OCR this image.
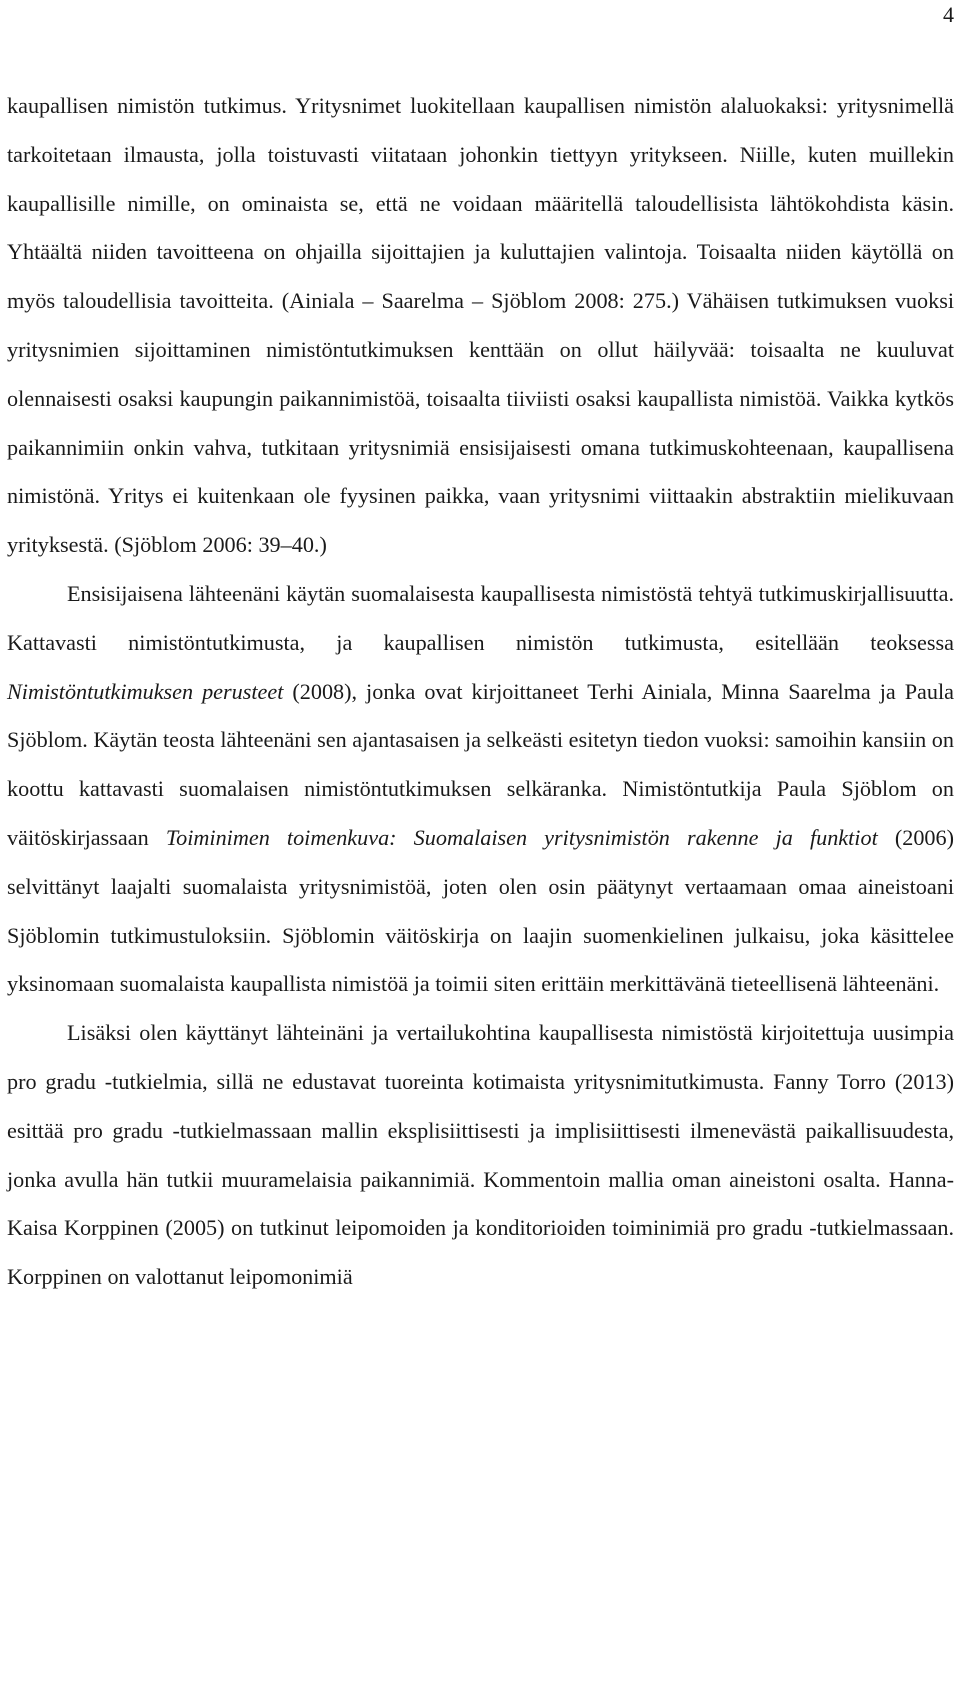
4

kaupallisen nimistön tutkimus. Yritysnimet luokitellaan kaupallisen nimistön alaluokaksi: yritysnimellä tarkoitetaan ilmausta, jolla toistuvasti viitataan johonkin tiettyyn yritykseen. Niille, kuten muillekin kaupallisille nimille, on ominaista se, että ne voidaan määritellä taloudellisista lähtökohdista käsin. Yhtäältä niiden tavoitteena on ohjailla sijoittajien ja kuluttajien valintoja. Toisaalta niiden käytöllä on myös taloudellisia tavoitteita. (Ainiala – Saarelma – Sjöblom 2008: 275.) Vähäisen tutkimuksen vuoksi yritysnimien sijoittaminen nimistöntutkimuksen kenttään on ollut häilyvää: toisaalta ne kuuluvat olennaisesti osaksi kaupungin paikannimistöä, toisaalta tiiviisti osaksi kaupallista nimistöä. Vaikka kytkös paikannimiin onkin vahva, tutkitaan yritysnimiä ensisijaisesti omana tutkimuskohteenaan, kaupallisena nimistönä. Yritys ei kuitenkaan ole fyysinen paikka, vaan yritysnimi viittaakin abstraktiin mielikuvaan yrityksestä. (Sjöblom 2006: 39–40.)

Ensisijaisena lähteenäni käytän suomalaisesta kaupallisesta nimistöstä tehtyä tutkimuskirjallisuutta. Kattavasti nimistöntutkimusta, ja kaupallisen nimistön tutkimusta, esitellään teoksessa Nimistöntutkimuksen perusteet (2008), jonka ovat kirjoittaneet Terhi Ainiala, Minna Saarelma ja Paula Sjöblom. Käytän teosta lähteenäni sen ajantasaisen ja selkeästi esitetyn tiedon vuoksi: samoihin kansiin on koottu kattavasti suomalaisen nimistöntutkimuksen selkäranka. Nimistöntutkija Paula Sjöblom on väitöskirjassaan Toiminimen toimenkuva: Suomalaisen yritysnimistön rakenne ja funktiot (2006) selvittänyt laajalti suomalaista yritysnimistöä, joten olen osin päätynyt vertaamaan omaa aineistoani Sjöblomin tutkimustuloksiin. Sjöblomin väitöskirja on laajin suomenkielinen julkaisu, joka käsittelee yksinomaan suomalaista kaupallista nimistöä ja toimii siten erittäin merkittävänä tieteellisenä lähteenäni.

Lisäksi olen käyttänyt lähteinäni ja vertailukohtina kaupallisesta nimistöstä kirjoitettuja uusimpia pro gradu -tutkielmia, sillä ne edustavat tuoreinta kotimaista yritysnimitutkimusta. Fanny Torro (2013) esittää pro gradu -tutkielmassaan mallin eksplisiittisesti ja implisiittisesti ilmenevästä paikallisuudesta, jonka avulla hän tutkii muuramelaisia paikannimiä. Kommentoin mallia oman aineistoni osalta. Hanna-Kaisa Korppinen (2005) on tutkinut leipomoiden ja konditorioiden toiminimiä pro gradu -tutkielmassaan. Korppinen on valottanut leipomonimiä
